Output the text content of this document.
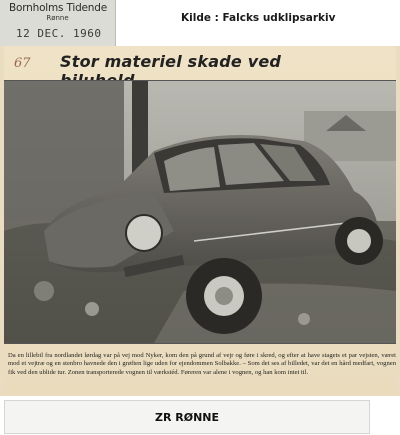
Bornholms Tidende
Rønne
12 DEC. 1960
Kilde : Falcks udklipsarkiv
67 Stor materiel skade ved
Da en lillebil fra nordlandet lørdag var på vej mod Nyker, kom den på grund af vejr og føre i skred, og efter at have stagets et par vejsten, været mod et vejtræ og en stenbro havnede den i grøften lige uden for ejendommen Solbakke. – Som det ses af billedet, var det en hård medfart, vognen fik ved den ublide tur. Zonen transporterede vognen til værkstéd. Føreren var alene i vognen, og han kom intet til.
ZR RØNNE
